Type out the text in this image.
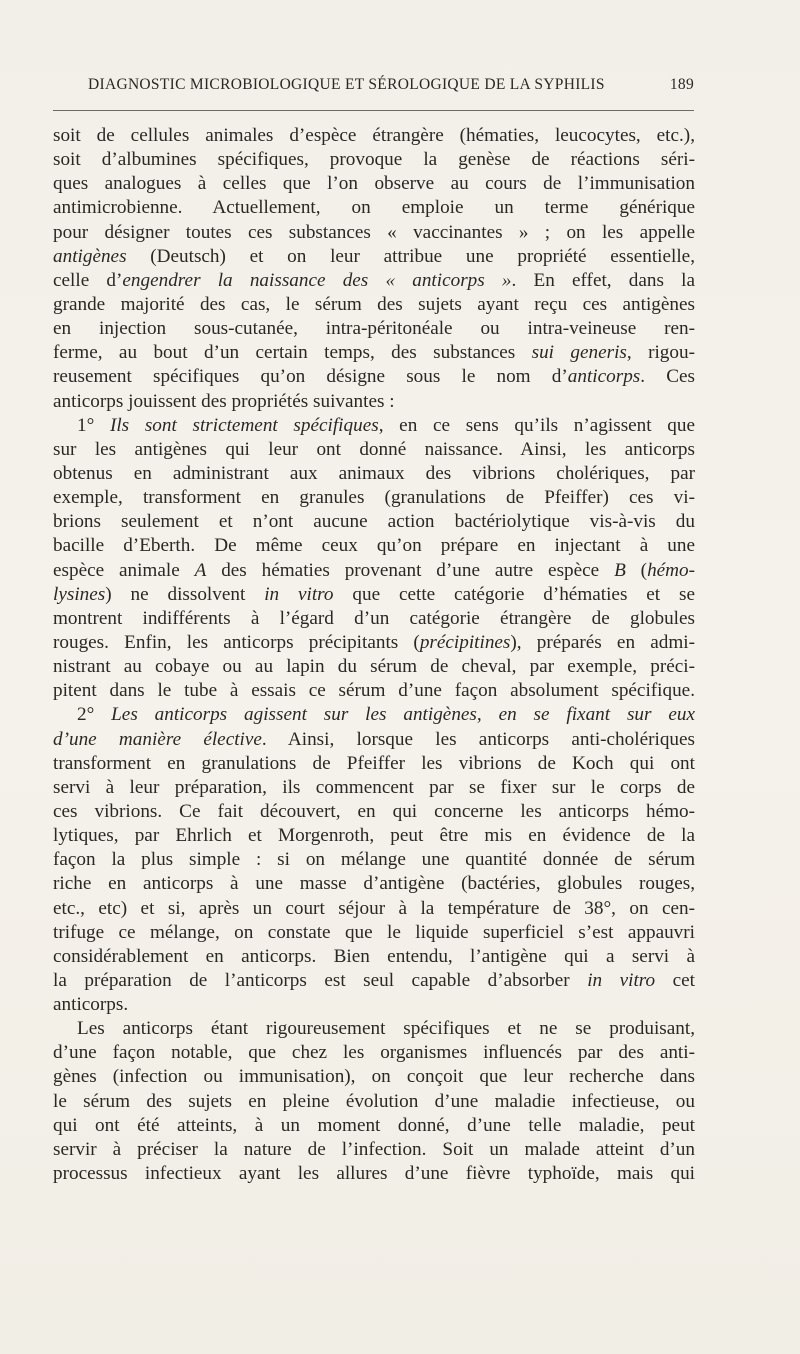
DIAGNOSTIC MICROBIOLOGIQUE ET SÉROLOGIQUE DE LA SYPHILIS	189
soit de cellules animales d’espèce étrangère (hématies, leucocytes, etc.),
soit d’albumines spécifiques, provoque la genèse de réactions séri-
ques analogues à celles que l’on observe au cours de l’immunisation
antimicrobienne. Actuellement, on emploie un terme générique
pour désigner toutes ces substances « vaccinantes » ; on les appelle
antigènes (Deutsch) et on leur attribue une propriété essentielle,
celle d’engendrer la naissance des « anticorps ». En effet, dans la
grande majorité des cas, le sérum des sujets ayant reçu ces antigènes
en injection sous-cutanée, intra-péritonéale ou intra-veineuse ren-
ferme, au bout d’un certain temps, des substances sui generis, rigou-
reusement spécifiques qu’on désigne sous le nom d’anticorps. Ces
anticorps jouissent des propriétés suivantes :
1° Ils sont strictement spécifiques, en ce sens qu’ils n’agissent que
sur les antigènes qui leur ont donné naissance. Ainsi, les anticorps
obtenus en administrant aux animaux des vibrions cholériques, par
exemple, transforment en granules (granulations de Pfeiffer) ces vi-
brions seulement et n’ont aucune action bactériolytique vis-à-vis du
bacille d’Eberth. De même ceux qu’on prépare en injectant à une
espèce animale A des hématies provenant d’une autre espèce B (hémo-
lysines) ne dissolvent in vitro que cette catégorie d’hématies et se
montrent indifférents à l’égard d’un catégorie étrangère de globules
rouges. Enfin, les anticorps précipitants (précipitines), préparés en admi-
nistrant au cobaye ou au lapin du sérum de cheval, par exemple, préci-
pitent dans le tube à essais ce sérum d’une façon absolument spécifique.
2° Les anticorps agissent sur les antigènes, en se fixant sur eux
d’une manière élective. Ainsi, lorsque les anticorps anti-cholériques
transforment en granulations de Pfeiffer les vibrions de Koch qui ont
servi à leur préparation, ils commencent par se fixer sur le corps de
ces vibrions. Ce fait découvert, en qui concerne les anticorps hémo-
lytiques, par Ehrlich et Morgenroth, peut être mis en évidence de la
façon la plus simple : si on mélange une quantité donnée de sérum
riche en anticorps à une masse d’antigène (bactéries, globules rouges,
etc., etc) et si, après un court séjour à la température de 38°, on cen-
trifuge ce mélange, on constate que le liquide superficiel s’est appauvri
considérablement en anticorps. Bien entendu, l’antigène qui a servi à
la préparation de l’anticorps est seul capable d’absorber in vitro cet
anticorps.
Les anticorps étant rigoureusement spécifiques et ne se produisant,
d’une façon notable, que chez les organismes influencés par des anti-
gènes (infection ou immunisation), on conçoit que leur recherche dans
le sérum des sujets en pleine évolution d’une maladie infectieuse, ou
qui ont été atteints, à un moment donné, d’une telle maladie, peut
servir à préciser la nature de l’infection. Soit un malade atteint d’un
processus infectieux ayant les allures d’une fièvre typhoïde, mais qui
